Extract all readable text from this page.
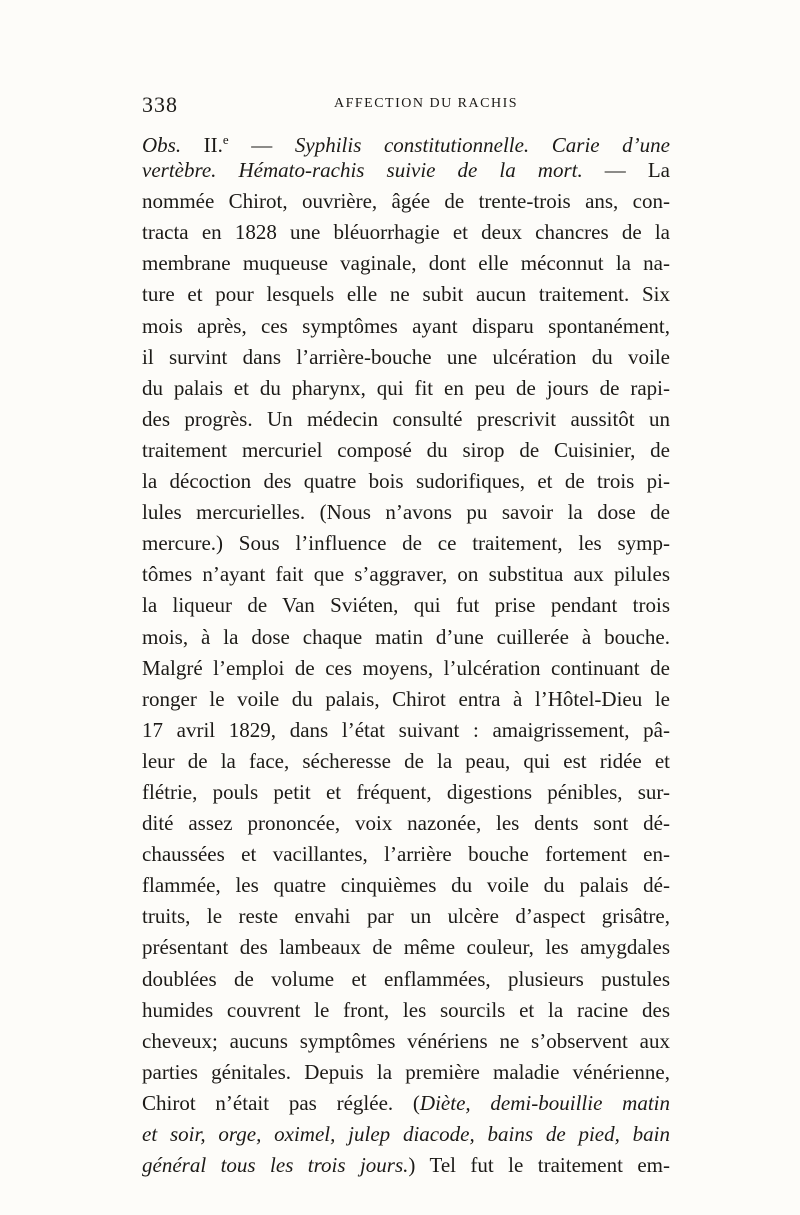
338	AFFECTION DU RACHIS
Obs. II.$^e$ — Syphilis constitutionnelle. Carie d’une
vertèbre. Hémato-rachis suivie de la mort. — La
nommée Chirot, ouvrière, âgée de trente-trois ans, con-
tracta en 1828 une bléuorrhagie et deux chancres de la
membrane muqueuse vaginale, dont elle méconnut la na-
ture et pour lesquels elle ne subit aucun traitement. Six
mois après, ces symptômes ayant disparu spontanément,
il survint dans l’arrière-bouche une ulcération du voile
du palais et du pharynx, qui fit en peu de jours de rapi-
des progrès. Un médecin consulté prescrivit aussitôt un
traitement mercuriel composé du sirop de Cuisinier, de
la décoction des quatre bois sudorifiques, et de trois pi-
lules mercurielles. (Nous n’avons pu savoir la dose de
mercure.) Sous l’influence de ce traitement, les symp-
tômes n’ayant fait que s’aggraver, on substitua aux pilules
la liqueur de Van Sviéten, qui fut prise pendant trois
mois, à la dose chaque matin d’une cuillerée à bouche.
Malgré l’emploi de ces moyens, l’ulcération continuant de
ronger le voile du palais, Chirot entra à l’Hôtel-Dieu le
17 avril 1829, dans l’état suivant : amaigrissement, pâ-
leur de la face, sécheresse de la peau, qui est ridée et
flétrie, pouls petit et fréquent, digestions pénibles, sur-
dité assez prononcée, voix nazonée, les dents sont dé-
chaussées et vacillantes, l’arrière bouche fortement en-
flammée, les quatre cinquièmes du voile du palais dé-
truits, le reste envahi par un ulcère d’aspect grisâtre,
présentant des lambeaux de même couleur, les amygdales
doublées de volume et enflammées, plusieurs pustules
humides couvrent le front, les sourcils et la racine des
cheveux; aucuns symptômes vénériens ne s’observent aux
parties génitales. Depuis la première maladie vénérienne,
Chirot n’était pas réglée. (Diète, demi-bouillie matin
et soir, orge, oximel, julep diacode, bains de pied, bain
général tous les trois jours.) Tel fut le traitement em-
